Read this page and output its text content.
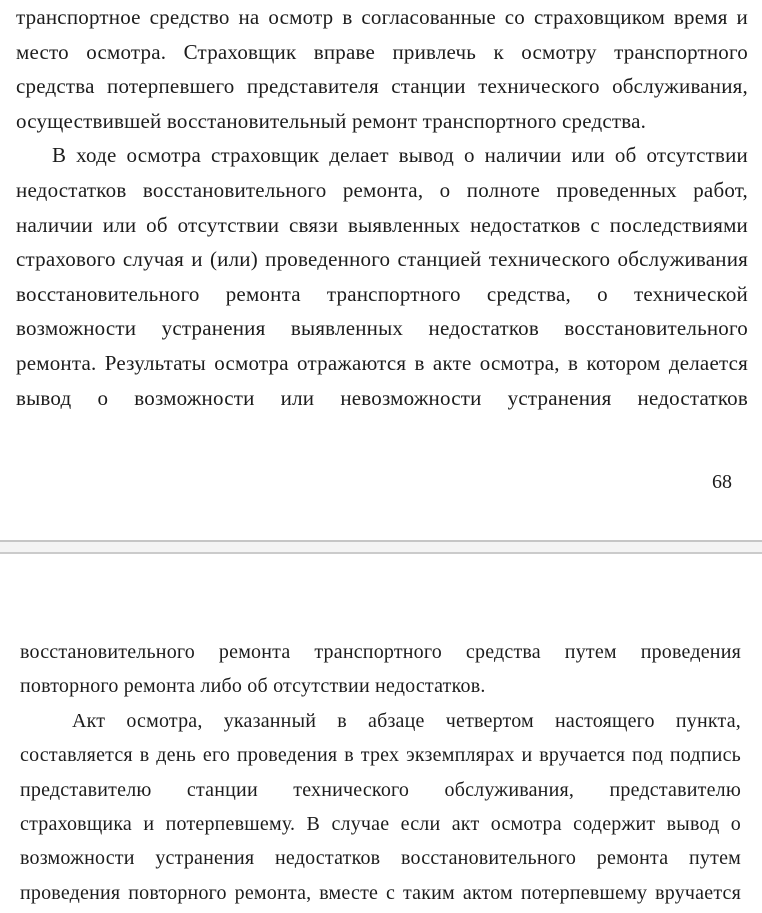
транспортное средство на осмотр в согласованные со страховщиком время и
место осмотра. Страховщик вправе привлечь к осмотру транспортного
средства потерпевшего представителя станции технического обслуживания,
осуществившей восстановительный ремонт транспортного средства.
В ходе осмотра страховщик делает вывод о наличии или об отсутствии
недостатков восстановительного ремонта, о полноте проведенных работ,
наличии или об отсутствии связи выявленных недостатков с последствиями
страхового случая и (или) проведенного станцией технического обслуживания
восстановительного ремонта транспортного средства, о технической
возможности устранения выявленных недостатков восстановительного
ремонта. Результаты осмотра отражаются в акте осмотра, в котором делается
вывод о возможности или невозможности устранения недостатков
68
восстановительного ремонта транспортного средства путем проведения
повторного ремонта либо об отсутствии недостатков.
Акт осмотра, указанный в абзаце четвертом настоящего пункта,
составляется в день его проведения в трех экземплярах и вручается под подпись
представителю станции технического обслуживания, представителю
страховщика и потерпевшему. В случае если акт осмотра содержит вывод о
возможности устранения недостатков восстановительного ремонта путем
проведения повторного ремонта, вместе с таким актом потерпевшему вручается
